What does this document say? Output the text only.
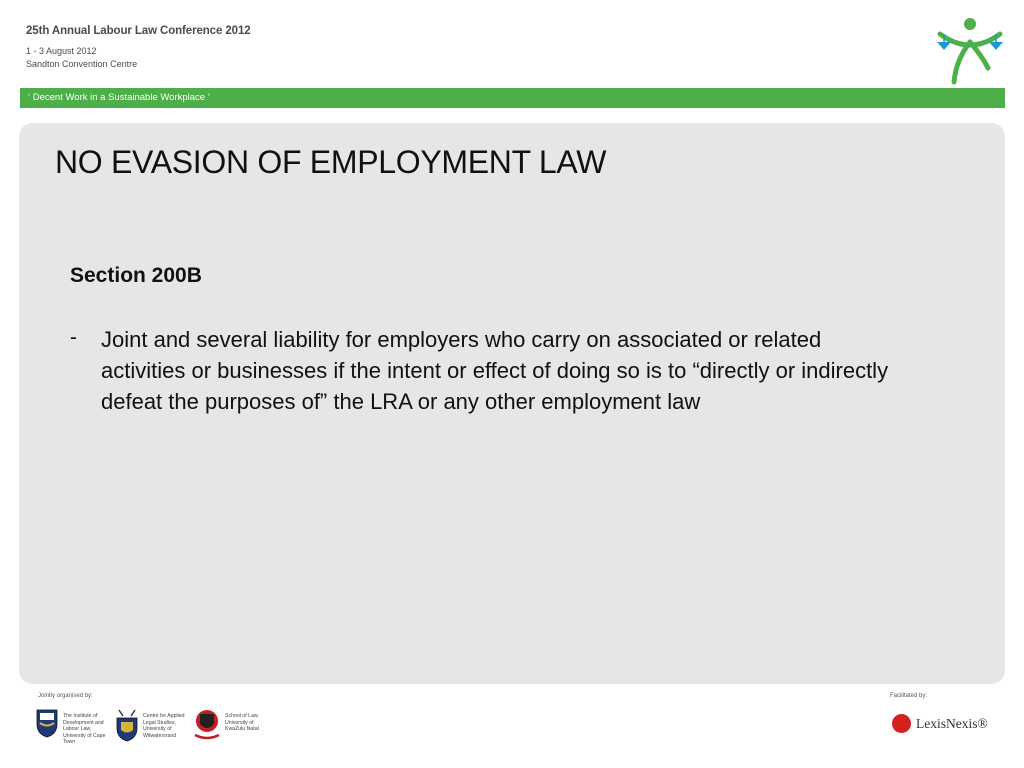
25th Annual Labour Law Conference 2012
1 - 3 August 2012
Sandton Convention Centre
‘ Decent Work in a Sustainable Workplace ’
NO EVASION OF EMPLOYMENT LAW
Section 200B
- Joint and several liability for employers who carry on associated or related activities or businesses if the intent or effect of doing so is to “directly or indirectly defeat the purposes of” the LRA or any other employment law
Jointly organised by:	Facilitated by:
The Institute of Development and Labour Law, University of Cape Town
Centre for Applied Legal Studies, University of Witwatersrand
School of Law, University of KwaZulu Natal	LexisNexis®
